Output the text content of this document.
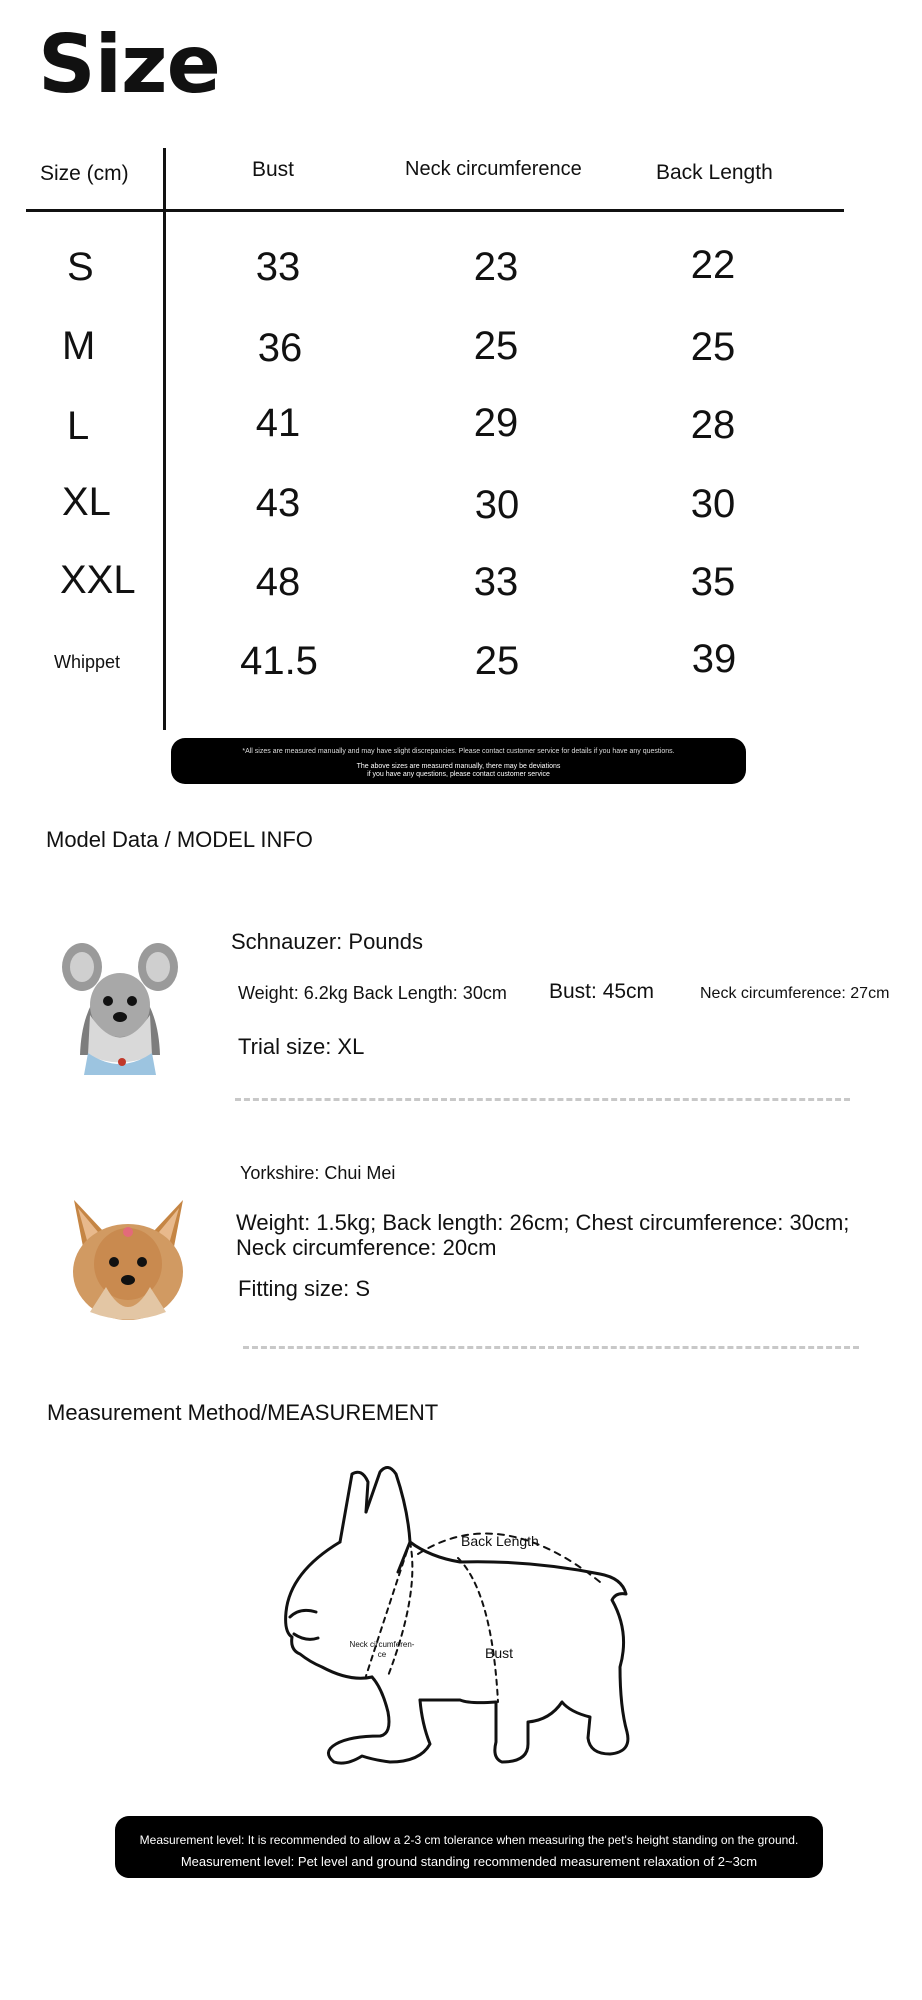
Size
Size (cm)	Bust	Neck circumference	Back Length
S	33	23	22
M	36	25	25
L	41	29	28
XL	43	30	30
XXL	48	33	35
Whippet	41.5	25	39
*All sizes are measured manually and may have slight discrepancies. Please contact customer service for details if you have any questions.
The above sizes are measured manually, there may be deviations
if you have any questions, please contact customer service
Model Data / MODEL INFO
Schnauzer: Pounds
Weight: 6.2kg Back Length: 30cm Bust: 45cm	Neck circumference: 27cm
Trial size: XL
Yorkshire: Chui Mei
Weight: 1.5kg; Back length: 26cm; Chest circumference: 30cm;
Neck circumference: 20cm
Fitting size: S
Measurement Method/MEASUREMENT
Back Length
Neck circumferen-
ce	Bust
Measurement level: It is recommended to allow a 2-3 cm tolerance when measuring the pet's height standing on the ground.
Measurement level: Pet level and ground standing recommended measurement relaxation of 2~3cm
